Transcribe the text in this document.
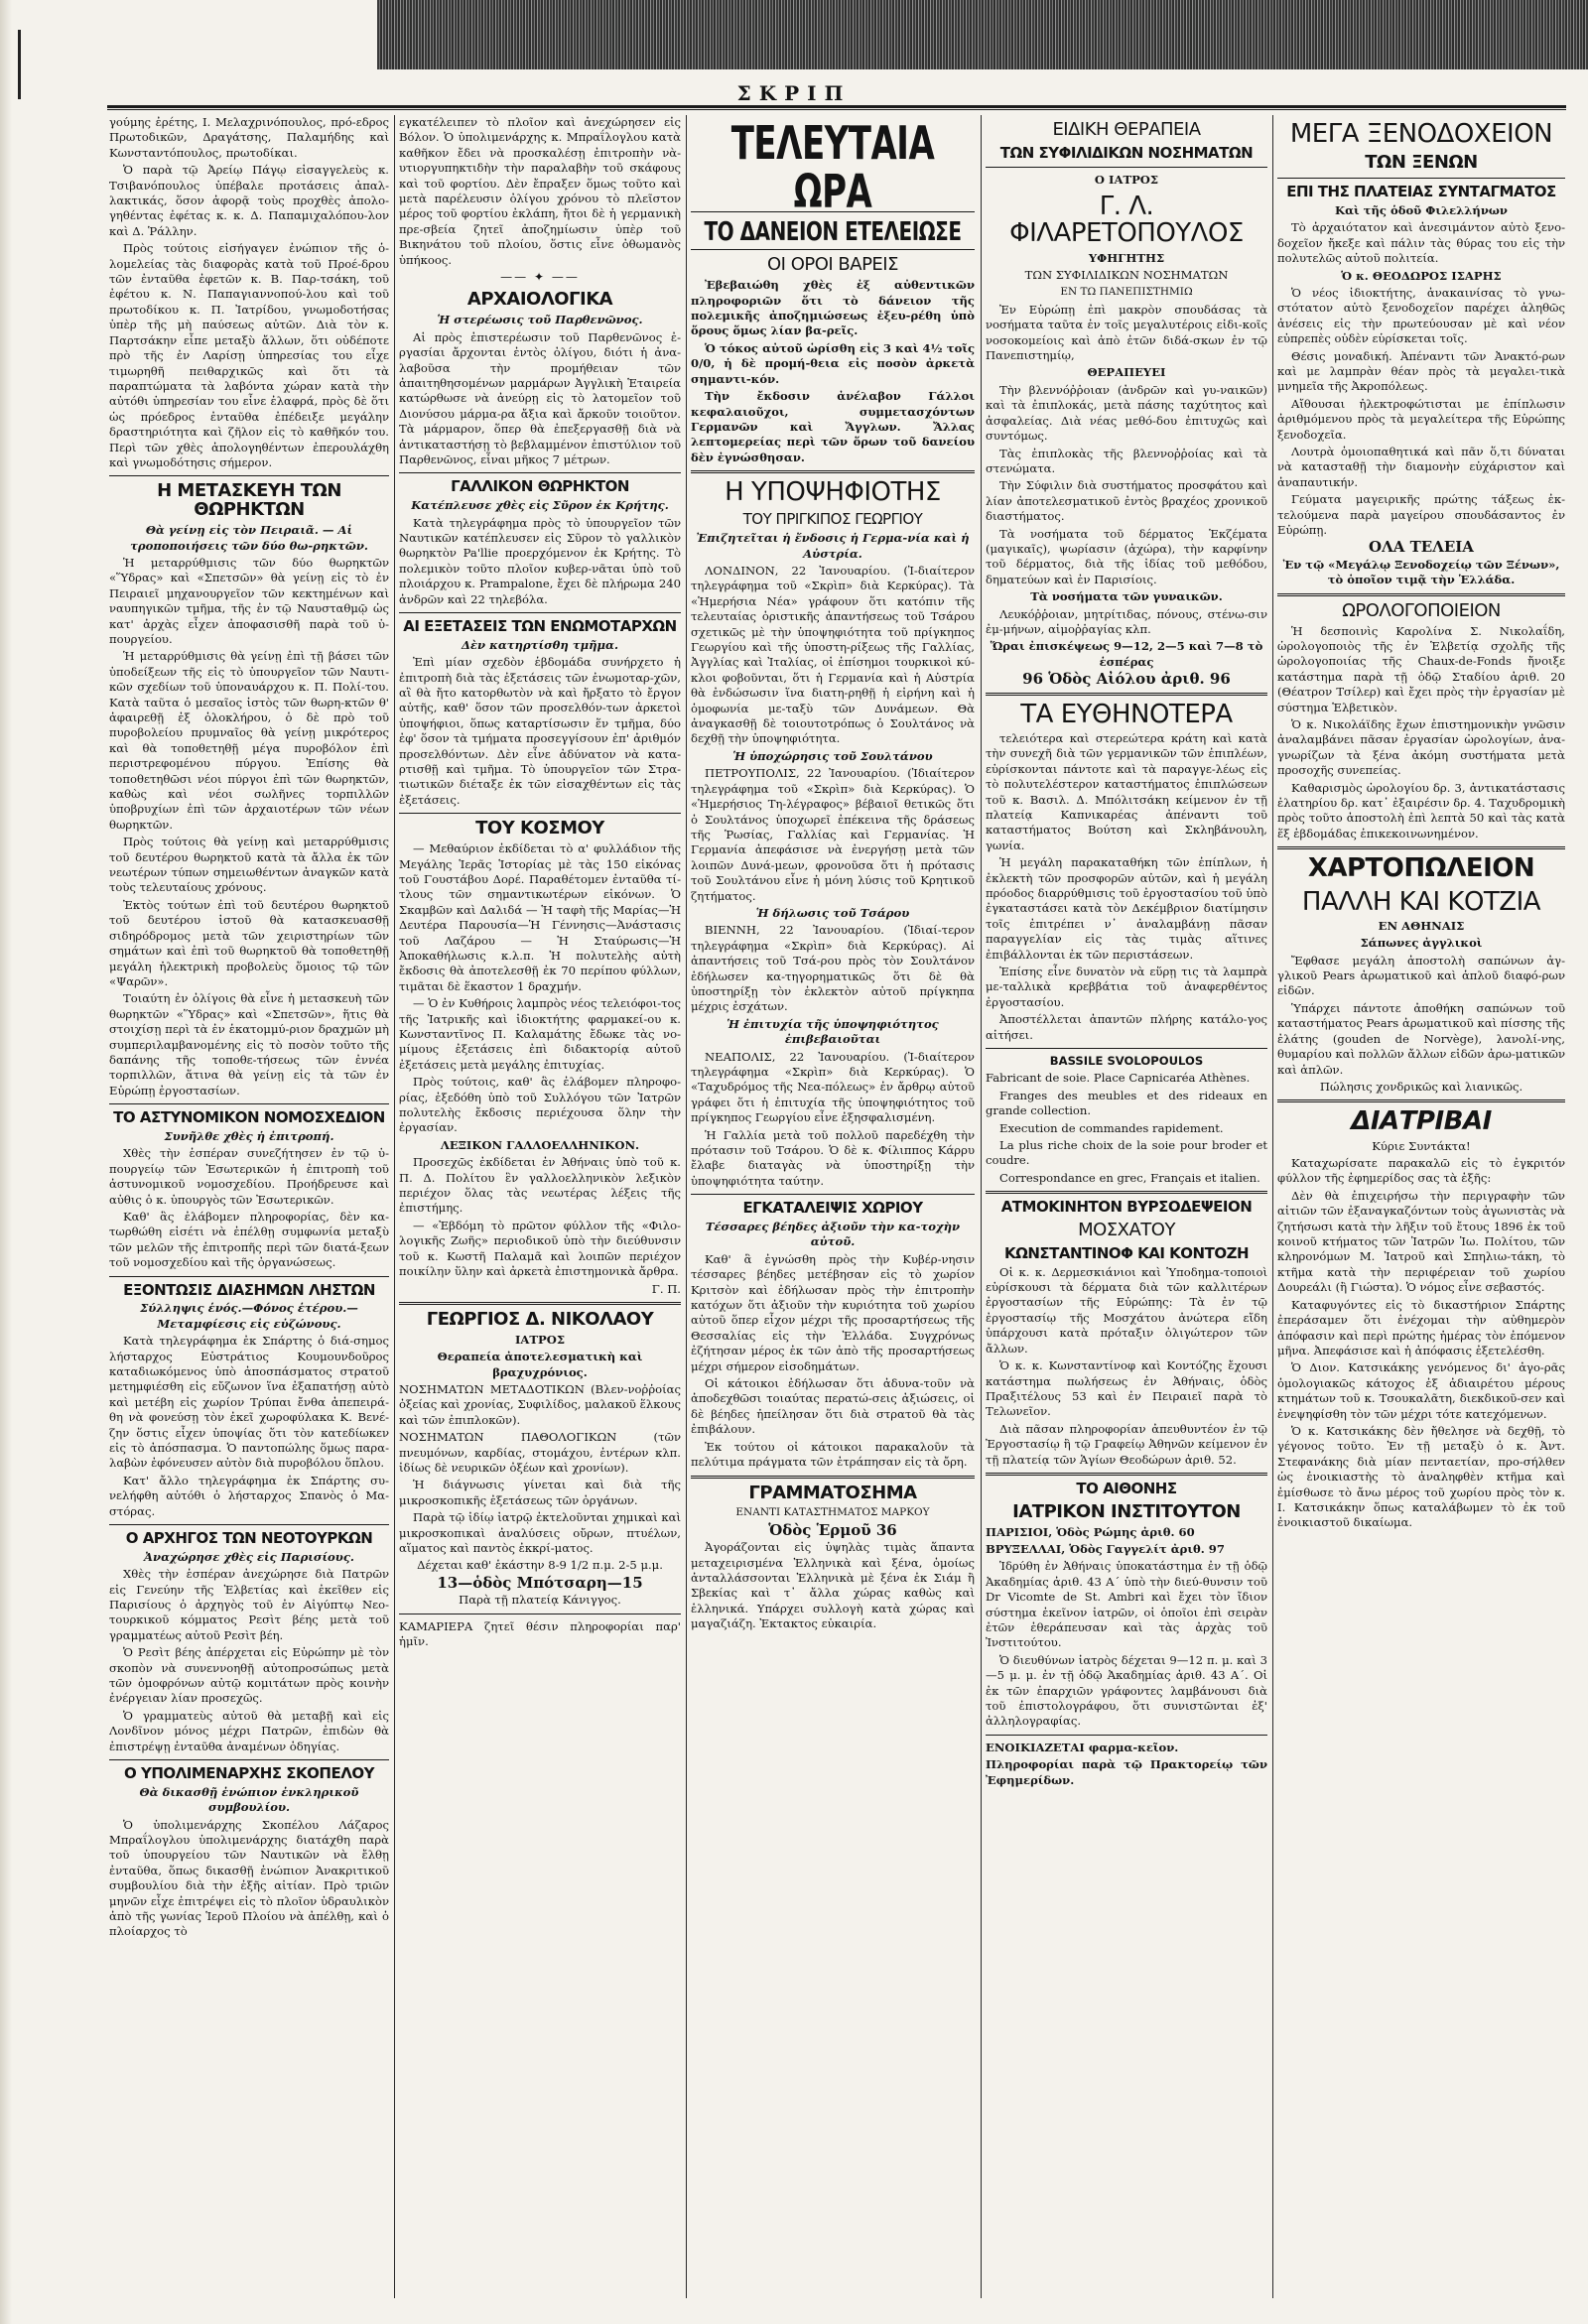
ΣΚΡΙΠ

γούμης ἐρέτης, Ι. Μελαχρινόπουλος, πρό-εδρος Πρωτοδικῶν, Δραγάτσης, Παλαμήδης καὶ Κωνσταντόπουλος, πρωτοδίκαι.

Ὁ παρὰ τῷ Ἀρείῳ Πάγῳ εἰσαγγελεὺς κ. Τσιβανόπουλος ὑπέβαλε προτάσεις ἀπαλ-λακτικάς, ὅσον ἀφορᾷ τοὺς προχθὲς ἀπολο-γηθέντας ἐφέτας κ. κ. Δ. Παπαμιχαλόπου-λον καὶ Δ. Ῥάλλην.

Πρὸς τούτοις εἰσήγαγεν ἐνώπιον τῆς ὁ-λομελείας τὰς διαφορὰς κατὰ τοῦ Προέ-δρου τῶν ἐνταῦθα ἐφετῶν κ. Β. Παρ-τσάκη, τοῦ ἐφέτου κ. Ν. Παπαγιαννοπού-λου καὶ τοῦ πρωτοδίκου κ. Π. Ἰατρίδου, γνωμοδοτήσας ὑπὲρ τῆς μὴ παύσεως αὐτῶν. Διὰ τὸν κ. Παρτσάκην εἶπε μεταξὺ ἄλλων, ὅτι οὐδέποτε πρὸ τῆς ἐν Λαρίσῃ ὑπηρεσίας του εἶχε τιμωρηθῆ πειθαρχικῶς καὶ ὅτι τὰ παραπτώματα τὰ λαβόντα χώραν κατὰ τὴν αὐτόθι ὑπηρεσίαν του εἶνε ἐλαφρά, πρὸς δὲ ὅτι ὡς πρόεδρος ἐνταῦθα ἐπέδειξε μεγάλην δραστηριότητα καὶ ζῆλον εἰς τὸ καθῆκόν του. Περὶ τῶν χθὲς ἀπολογηθέντων ἐπερουλάχθη καὶ γνωμοδότησις σήμερον.

Η ΜΕΤΑΣΚΕΥΗ ΤΩΝ ΘΩΡΗΚΤΩΝ

Θὰ γείνῃ εἰς τὸν Πειραιᾶ. — Αἱ τροποποιήσεις τῶν δύο θω-ρηκτῶν.

Ἡ μεταρρύθμισις τῶν δύο θωρηκτῶν «Ὕδρας» καὶ «Σπετσῶν» θὰ γείνῃ εἰς τὸ ἐν Πειραιεῖ μηχανουργεῖον τῶν κεκτημένων καὶ ναυπηγικῶν τμῆμα, τῆς ἐν τῷ Ναυσταθμῷ ὡς κατ' ἀρχὰς εἶχεν ἀποφασισθῆ παρὰ τοῦ ὑ-πουργείου.

Ἡ μεταρρύθμισις θὰ γείνῃ ἐπὶ τῇ βάσει τῶν ὑποδείξεων τῆς εἰς τὸ ὑπουργεῖον τῶν Ναυτι-κῶν σχεδίων τοῦ ὑποναυάρχου κ. Π. Πολί-του. Κατὰ ταῦτα ὁ μεσαῖος ἱστὸς τῶν θωρη-κτῶν θ' ἀφαιρεθῇ ἐξ ὁλοκλήρου, ὁ δὲ πρὸ τοῦ πυροβολείου πρυμναῖος θὰ γείνῃ μικρότερος καὶ θὰ τοποθετηθῇ μέγα πυροβόλον ἐπὶ περιστρεφομένου πύργου. Ἐπίσης θὰ τοποθετηθῶσι νέοι πύργοι ἐπὶ τῶν θωρηκτῶν, καθὼς καὶ νέοι σωλῆνες τορπιλλῶν ὑποβρυχίων ἐπὶ τῶν ἀρχαιοτέρων τῶν νέων θωρηκτῶν.

Πρὸς τούτοις θὰ γείνῃ καὶ μεταρρύθμισις τοῦ δευτέρου θωρηκτοῦ κατὰ τὰ ἄλλα ἐκ τῶν νεωτέρων τύπων σημειωθέντων ἀναγκῶν κατὰ τοὺς τελευταίους χρόνους.

Ἐκτὸς τούτων ἐπὶ τοῦ δευτέρου θωρηκτοῦ τοῦ δευτέρου ἱστοῦ θὰ κατασκευασθῇ σιδηρόδρομος μετὰ τῶν χειριστηρίων τῶν σημάτων καὶ ἐπὶ τοῦ θωρηκτοῦ θὰ τοποθετηθῇ μεγάλη ἠλεκτρικὴ προβολεὺς ὅμοιος τῷ τῶν «Ψαρῶν».

Τοιαύτη ἐν ὀλίγοις θὰ εἶνε ἡ μετασκευὴ τῶν θωρηκτῶν «Ὕδρας» καὶ «Σπετσῶν», ἥτις θὰ στοιχίσῃ περὶ τὰ ἐν ἑκατομμύ-ριον δραχμῶν μὴ συμπεριλαμβανομένης εἰς τὸ ποσὸν τοῦτο τῆς δαπάνης τῆς τοποθε-τήσεως τῶν ἐννέα τορπιλλῶν, ἅτινα θὰ γείνῃ εἰς τὰ τῶν ἐν Εὐρώπῃ ἐργοστασίων.

ΤΟ ΑΣΤΥΝΟΜΙΚΟΝ ΝΟΜΟΣΧΕΔΙΟΝ

Συνῆλθε χθὲς ἡ ἐπιτροπή.

Χθὲς τὴν ἑσπέραν συνεζήτησεν ἐν τῷ ὑ-πουργείῳ τῶν Ἐσωτερικῶν ἡ ἐπιτροπὴ τοῦ ἀστυνομικοῦ νομοσχεδίου. Προήδρευσε καὶ αὐθις ὁ κ. ὑπουργὸς τῶν Ἐσωτερικῶν.

Καθ' ἃς ἐλάβομεν πληροφορίας, δὲν κα-τωρθώθη εἰσέτι νὰ ἐπέλθῃ συμφωνία μεταξὺ τῶν μελῶν τῆς ἐπιτροπῆς περὶ τῶν διατά-ξεων τοῦ νομοσχεδίου καὶ τῆς ὀργανώσεως.

ΕΞΟΝΤΩΣΙΣ ΔΙΑΣΗΜΩΝ ΛΗΣΤΩΝ

Σύλληψις ἑνός.—Φόνος ἑτέρου.—Μεταμφίεσις εἰς εὐζώνους.

Κατὰ τηλεγράφημα ἐκ Σπάρτης ὁ διά-σημος λήσταρχος Εὐστράτιος Κουμουνδοῦρος καταδιωκόμενος ὑπὸ ἀποσπάσματος στρατοῦ μετημφιέσθη εἰς εὔζωνον ἵνα ἐξαπατήσῃ αὐτὸ καὶ μετέβη εἰς χωρίον Τρύπαι ἔνθα ἀπεπειρά-θη νὰ φονεύσῃ τὸν ἐκεῖ χωροφύλακα Κ. Βενέ-ζην ὅστις εἶχεν ὑποψίας ὅτι τὸν κατεδίωκεν εἰς τὸ ἀπόσπασμα. Ὁ παντοπώλης ὅμως παρα-λαβὼν ἐφόνευσεν αὐτὸν διὰ πυροβόλου ὅπλου.

Κατ' ἄλλο τηλεγράφημα ἐκ Σπάρτης συ-νελήφθη αὐτόθι ὁ λήσταρχος Σπανὸς ὁ Μα-στόρας.

Ο ΑΡΧΗΓΟΣ ΤΩΝ ΝΕΟΤΟΥΡΚΩΝ

Ἀναχώρησε χθὲς εἰς Παρισίους.

Χθὲς τὴν ἑσπέραν ἀνεχώρησε διὰ Πατρῶν εἰς Γενεύην τῆς Ἑλβετίας καὶ ἐκεῖθεν εἰς Παρισίους ὁ ἀρχηγὸς τοῦ ἐν Αἰγύπτῳ Νεο-τουρκικοῦ κόμματος Ρεσὶτ βέης μετὰ τοῦ γραμματέως αὐτοῦ Ρεσὶτ βέη.

Ὁ Ρεσὶτ βέης ἀπέρχεται εἰς Εὐρώπην μὲ τὸν σκοπὸν νὰ συνεννοηθῇ αὐτοπροσώπως μετὰ τῶν ὁμοφρόνων αὐτῷ κομιτάτων πρὸς κοινὴν ἐνέργειαν λίαν προσεχῶς.

Ὁ γραμματεὺς αὐτοῦ θὰ μεταβῇ καὶ εἰς Λονδῖνον μόνος μέχρι Πατρῶν, ἐπιδὼν θὰ ἐπιστρέψῃ ἐνταῦθα ἀναμένων ὁδηγίας.

Ο ΥΠΟΛΙΜΕΝΑΡΧΗΣ ΣΚΟΠΕΛΟΥ

Θὰ δικασθῇ ἐνώπιον ἐνκληρικοῦ συμβουλίου.

Ὁ ὑπολιμενάρχης Σκοπέλου Λάζαρος Μπραΐλογλου ὑπολιμενάρχης διατάχθη παρὰ τοῦ ὑπουργείου τῶν Ναυτικῶν νὰ ἔλθῃ ἐνταῦθα, ὅπως δικασθῇ ἐνώπιον Ἀνακριτικοῦ συμβουλίου διὰ τὴν ἐξῆς αἰτίαν. Πρὸ τριῶν μηνῶν εἶχε ἐπιτρέψει εἰς τὸ πλοῖον ὑδραυλικὸν ἀπὸ τῆς γωνίας Ἱεροῦ Πλοίου νὰ ἀπέλθῃ, καὶ ὁ πλοίαρχος τὸ

εγκατέλειπεν τὸ πλοῖον καὶ ἀνεχώρησεν εἰς Βόλον. Ὁ ὑπολιμενάρχης κ. Μπραΐλογλου κατὰ καθῆκον ἔδει νὰ προσκαλέσῃ ἐπιτροπὴν νὰ-υτιοργυπηκτιδὴν τὴν παραλαβὴν τοῦ σκάφους καὶ τοῦ φορτίου. Δὲν ἔπραξεν ὅμως τοῦτο καὶ μετὰ παρέλευσιν ὀλίγου χρόνου τὸ πλεῖστον μέρος τοῦ φορτίου ἐκλάπη, ἤτοι δὲ ἡ γερμανικὴ πρε-σβεία ζητεῖ ἀποζημίωσιν ὑπὲρ τοῦ Βικηνάτου τοῦ πλοίου, ὅστις εἶνε ὀθωμανὸς ὑπήκοος.

—— ✦ ——
ΑΡΧΑΙΟΛΟΓΙΚΑ

Ἡ στερέωσις τοῦ Παρθενῶνος.

Αἱ πρὸς ἐπιστερέωσιν τοῦ Παρθενῶνος ἐ-ργασίαι ἄρχονται ἐντὸς ὀλίγου, διότι ἡ ἀνα-λαβοῦσα τὴν προμήθειαν τῶν ἀπαιτηθησομένων μαρμάρων Ἀγγλικὴ Ἑταιρεία κατώρθωσε νὰ ἀνεύρῃ εἰς τὸ λατομεῖον τοῦ Διονύσου μάρμα-ρα ἄξια καὶ ἄρκοῦν τοιοῦτον. Τὰ μάρμαρον, ὅπερ θὰ ἐπεξεργασθῇ διὰ νὰ ἀντικαταστήσῃ τὸ βεβλαμμένον ἐπιστύλιον τοῦ Παρθενῶνος, εἶναι μῆκος 7 μέτρων.

ΓΑΛΛΙΚΟΝ ΘΩΡΗΚΤΟΝ

Κατέπλευσε χθὲς εἰς Σῦρον ἐκ Κρήτης.

Κατὰ τηλεγράφημα πρὸς τὸ ὑπουργεῖον τῶν Ναυτικῶν κατέπλευσεν εἰς Σῦρον τὸ γαλλικὸν θωρηκτὸν Pa'llie προερχόμενον ἐκ Κρήτης. Τὸ πολεμικὸν τοῦτο πλοῖον κυβερ-νᾶται ὑπὸ τοῦ πλοιάρχου κ. Prampalone, ἔχει δὲ πλήρωμα 240 ἀνδρῶν καὶ 22 τηλεβόλα.

ΑΙ ΕΞΕΤΑΣΕΙΣ ΤΩΝ ΕΝΩΜΟΤΑΡΧΩΝ

Δὲν κατηρτίσθη τμῆμα.

Ἐπὶ μίαν σχεδὸν ἑβδομάδα συνήρχετο ἡ ἐπιτροπὴ διὰ τὰς ἐξετάσεις τῶν ἐνωμοταρ-χῶν, αἳ θὰ ἤτο κατορθωτὸν νὰ καὶ ἤρξατο τὸ ἔργον αὐτῆς, καθ' ὅσον τῶν προσελθόν-των ἀρκετοὶ ὑποψήφιοι, ὅπως καταρτίσωσιν ἕν τμῆμα, δύο ἐφ' ὅσον τὰ τμήματα προσεγγίσουν ἐπ' ἀριθμόν προσελθόντων. Δὲν εἶνε ἀδύνατον νὰ κατα-ρτισθῇ καὶ τμῆμα. Τὸ ὑπουργεῖον τῶν Στρα-τιωτικῶν διέταξε ἐκ τῶν εἰσαχθέντων εἰς τὰς ἐξετάσεις.

ΤΟΥ ΚΟΣΜΟΥ

— Μεθαύριον ἐκδίδεται τὸ α' φυλλάδιον τῆς Μεγάλης Ἱερᾶς Ἱστορίας μὲ τὰς 150 εἰκόνας τοῦ Γουστάβου Δορέ. Παραθέτομεν ἐνταῦθα τί-τλους τῶν σημαντικωτέρων εἰκόνων. Ὁ Σκαμβῶν καὶ Δαλιδά — Ἡ ταφὴ τῆς Μαρίας—Ἡ Δευτέρα Παρουσία—Ἡ Γέννησις—Ἀνάστασις τοῦ Λαζάρου — Ἡ Σταύρωσις—Ἡ Ἀποκαθήλωσις κ.λ.π. Ἡ πολυτελὴς αὐτὴ ἔκδοσις θὰ ἀποτελεσθῇ ἐκ 70 περίπου φύλλων, τιμᾶται δὲ ἕκαστον 1 δραχμήν.

— Ὁ ἐν Κυθήροις λαμπρὸς νέος τελειόφοι-τος τῆς Ἰατρικῆς καὶ ἰδιοκτήτης φαρμακεί-ου κ. Κωνσταντῖνος Π. Καλαμάτης ἔδωκε τὰς νο-μίμους ἐξετάσεις ἐπὶ διδακτορίᾳ αὐτοῦ ἐξετάσεις μετὰ μεγάλης ἐπιτυχίας.

Πρὸς τούτοις, καθ' ἃς ἐλάβομεν πληροφο-ρίας, ἐξεδόθη ὑπὸ τοῦ Συλλόγου τῶν Ἰατρῶν πολυτελὴς ἔκδοσις περιέχουσα ὅλην τὴν ἐργασίαν.

ΛΕΞΙΚΟΝ ΓΑΛΛΟΕΛΛΗΝΙΚΟΝ.

Προσεχῶς ἐκδίδεται ἐν Ἀθήναις ὑπὸ τοῦ κ. Π. Δ. Πολίτου ἓν γαλλοελληνικὸν λεξικὸν περιέχον ὅλας τὰς νεωτέρας λέξεις τῆς ἐπιστήμης.

— «Ἐβδόμη τὸ πρῶτον φύλλον τῆς «Φιλο-λογικῆς Ζωῆς» περιοδικοῦ ὑπὸ τὴν διεύθυνσιν τοῦ κ. Κωστῆ Παλαμᾶ καὶ λοιπῶν περιέχον ποικίλην ὕλην καὶ ἀρκετὰ ἐπιστημονικὰ ἄρθρα.

Γ. Π.

ΓΕΩΡΓΙΟΣ Δ. ΝΙΚΟΛΑΟΥ

ΙΑΤΡΟΣ

Θεραπεία ἀποτελεσματικὴ καὶ βραχυχρόνιος.

ΝΟΣΗΜΑΤΩΝ ΜΕΤΑΔΟΤΙΚΩΝ (Βλεν-νοῤῥοίας ὀξείας καὶ χρονίας, Συφιλίδος, μαλακοῦ ἕλκους καὶ τῶν ἐπιπλοκῶν).

ΝΟΣΗΜΑΤΩΝ ΠΑΘΟΛΟΓΙΚΩΝ (τῶν πνευμόνων, καρδίας, στομάχου, ἐντέρων κλπ. ἰδίως δὲ νευρικῶν ὀξέων καὶ χρονίων).

Ἡ διάγνωσις γίνεται καὶ διὰ τῆς μικροσκοπικῆς ἐξετάσεως τῶν ὀργάνων.

Παρὰ τῷ ἰδίῳ ἰατρῷ ἐκτελοῦνται χημικαὶ καὶ μικροσκοπικαὶ ἀναλύσεις οὔρων, πτυέλων, αἵματος καὶ παντὸς ἐκκρί-ματος.

Δέχεται καθ' ἑκάστην 8-9 1/2 π.μ. 2-5 μ.μ.

13—ὁδὸς Μπότσαρη—15

Παρὰ τῇ πλατείᾳ Κάνιγγος.

ΚΑΜΑΡΙΕΡΑ ζητεῖ θέσιν πληροφορίαι παρ' ἡμῖν.

ΤΕΛΕΥΤΑΙΑ ΩΡΑ
ΤΟ ΔΑΝΕΙΟΝ ΕΤΕΛΕΙΩΣΕ
ΟΙ ΟΡΟΙ ΒΑΡΕΙΣ

Ἐβεβαιώθη χθὲς ἐξ αὐθεντικῶν πληροφοριῶν ὅτι τὸ δάνειον τῆς πολεμικῆς ἀποζημιώσεως ἐξευ-ρέθη ὑπὸ ὅρους ὅμως λίαν βα-ρεῖς.

Ὁ τόκος αὐτοῦ ὡρίσθη εἰς 3 καὶ 4½ τοῖς 0/0, ἡ δὲ προμή-θεια εἰς ποσὸν ἀρκετὰ σημαντι-κόν.

Τὴν ἔκδοσιν ἀνέλαβον Γάλλοι κεφαλαιοῦχοι, συμμετασχόντων Γερμανῶν καὶ Ἄγγλων. Ἄλλας λεπτομερείας περὶ τῶν ὅρων τοῦ δανείου δὲν ἐγνώσθησαν.

Η ΥΠΟΨΗΦΙΟΤΗΣ
ΤΟΥ ΠΡΙΓΚΙΠΟΣ ΓΕΩΡΓΙΟΥ

Ἐπιζητεῖται ἡ ἔνδοσις ἡ Γερμα-νία καὶ ἡ Αὐστρία.

ΛΟΝΔΙΝΟΝ, 22 Ἰανουαρίου. (Ἰ-διαίτερον τηλεγράφημα τοῦ «Σκρὶπ» διὰ Κερκύρας). Τὰ «Ἡμερήσια Νέα» γράφουν ὅτι κατόπιν τῆς τελευταίας ὁριστικῆς ἀπαντήσεως τοῦ Τσάρου σχετικῶς μὲ τὴν ὑποψηφιότητα τοῦ πρίγκηπος Γεωργίου καὶ τῆς ὑποστη-ρίξεως τῆς Γαλλίας, Ἀγγλίας καὶ Ἰταλίας, οἱ ἐπίσημοι τουρκικοὶ κύ-κλοι φοβοῦνται, ὅτι ἡ Γερμανία καὶ ἡ Αὐστρία θὰ ἐνδώσωσιν ἵνα διατη-ρηθῇ ἡ εἰρήνη καὶ ἡ ὁμοφωνία με-ταξὺ τῶν Δυνάμεων. Θὰ ἀναγκασθῇ δὲ τοιουτοτρόπως ὁ Σουλτάνος νὰ δεχθῇ τὴν ὑποψηφιότητα.

Ἡ ὑποχώρησις τοῦ Σουλτάνου

ΠΕΤΡΟΥΠΟΛΙΣ, 22 Ἰανουαρίου. (Ἰδιαίτερον τηλεγράφημα τοῦ «Σκρὶπ» διὰ Κερκύρας). Ὁ «Ἡμερήσιος Τη-λέγραφος» βέβαιοῖ θετικῶς ὅτι ὁ Σουλτάνος ὑποχωρεῖ ἐπέκεινα τῆς δράσεως τῆς Ῥωσίας, Γαλλίας καὶ Γερμανίας. Ἡ Γερμανία ἀπεφάσισε νὰ ἐνεργήσῃ μετὰ τῶν λοιπῶν Δυνά-μεων, φρονοῦσα ὅτι ἡ πρότασις τοῦ Σουλτάνου εἶνε ἡ μόνη λύσις τοῦ Κρητικοῦ ζητήματος.

Ἡ δήλωσις τοῦ Τσάρου

ΒΙΕΝΝΗ, 22 Ἰανουαρίου. (Ἰδιαί-τερον τηλεγράφημα «Σκρὶπ» διὰ Κερκύρας). Αἱ ἀπαντήσεις τοῦ Τσά-ρου πρὸς τὸν Σουλτάνον ἐδήλωσεν κα-τηγορηματικῶς ὅτι δὲ θὰ ὑποστηρίξῃ τὸν ἐκλεκτὸν αὐτοῦ πρίγκηπα μέχρις ἐσχάτων.

Ἡ ἐπιτυχία τῆς ὑποψηφιότητος ἐπιβεβαιοῦται

ΝΕΑΠΟΛΙΣ, 22 Ἰανουαρίου. (Ἰ-διαίτερον τηλεγράφημα «Σκρὶπ» διὰ Κερκύρας). Ὁ «Ταχυδρόμος τῆς Νεα-πόλεως» ἐν ἄρθρῳ αὐτοῦ γράφει ὅτι ἡ ἐπιτυχία τῆς ὑποψηφιότητος τοῦ πρίγκηπος Γεωργίου εἶνε ἐξησφαλισμένη.

Ἡ Γαλλία μετὰ τοῦ πολλοῦ παρεδέχθη τὴν πρότασιν τοῦ Τσάρου. Ὁ δὲ κ. Φίλιππος Κάρρυ ἔλαβε διαταγὰς νὰ ὑποστηρίξῃ τὴν ὑποψηφιότητα ταύτην.

ΕΓΚΑΤΑΛΕΙΨΙΣ ΧΩΡΙΟΥ

Τέσσαρες βέηδες ἀξιοῦν τὴν κα-τοχὴν αὐτοῦ.

Καθ' ἃ ἐγνώσθη πρὸς τὴν Κυβέρ-νησιν τέσσαρες βέηδες μετέβησαν εἰς τὸ χωρίον Κριτσὸν καὶ ἐδήλωσαν πρὸς τὴν ἐπιτροπὴν κατόχων ὅτι ἀξιοῦν τὴν κυριότητα τοῦ χωρίου αὐτοῦ ὅπερ εἶχον μέχρι τῆς προσαρτήσεως τῆς Θεσσαλίας εἰς τὴν Ἑλλάδα. Συγχρόνως ἐζήτησαν μέρος ἐκ τῶν ἀπὸ τῆς προσαρτήσεως μέχρι σήμερον εἰσοδημάτων.

Οἱ κάτοικοι ἐδήλωσαν ὅτι ἀδυνα-τοῦν νὰ ἀποδεχθῶσι τοιαύτας περατώ-σεις ἀξιώσεις, οἱ δὲ βέηδες ἠπείλησαν ὅτι διὰ στρατοῦ θὰ τὰς ἐπιβάλουν.

Ἐκ τούτου οἱ κάτοικοι παρακαλοῦν τὰ πελύτιμα πράγματα τῶν ἐτράπησαν εἰς τὰ ὄρη.

ΓΡΑΜΜΑΤΟΣΗΜΑ

ΕΝΑΝΤΙ ΚΑΤΑΣΤΗΜΑΤΟΣ ΜΑΡΚΟΥ

Ὁδὸς Ἑρμοῦ 36

Ἀγοράζονται εἰς ὑψηλὰς τιμὰς ἅπαντα μεταχειρισμένα Ἑλληνικὰ καὶ ξένα, ὁμοίως ἀνταλλάσσονται Ἑλληνικὰ μὲ ξένα ἐκ Σιάμ ἢ Σβεκίας καὶ τ᾽ ἄλλα χώρας καθὼς καὶ ἑλληνικά. Υπάρχει συλλογὴ κατὰ χώρας καὶ μαγαζιάζη. Ἐκτακτος εὐκαιρία.

ΕΙΔΙΚΗ ΘΕΡΑΠΕΙΑ
ΤΩΝ ΣΥΦΙΛΙΔΙΚΩΝ ΝΟΣΗΜΑΤΩΝ

Ο ΙΑΤΡΟΣ

Γ. Λ. ΦΙΛΑΡΕΤΟΠΟΥΛΟΣ

ΥΦΗΓΗΤΗΣ

ΤΩΝ ΣΥΦΙΛΙΔΙΚΩΝ ΝΟΣΗΜΑΤΩΝ

ΕΝ ΤΩ ΠΑΝΕΠΙΣΤΗΜΙΩ

Ἐν Εὐρώπῃ ἐπὶ μακρὸν σπουδάσας τὰ νοσήματα ταῦτα ἐν τοῖς μεγαλυτέροις εἰδι-κοῖς νοσοκομείοις καὶ ἀπὸ ἐτῶν διδά-σκων ἐν τῷ Πανεπιστημίῳ,

ΘΕΡΑΠΕΥΕΙ

Τὴν βλεννόῤῥοιαν (ἀνδρῶν καὶ γυ-ναικῶν) καὶ τὰ ἐπιπλοκάς, μετὰ πάσης ταχύτητος καὶ ἀσφαλείας. Διὰ νέας μεθό-δου ἐπιτυχῶς καὶ συντόμως.

Τὰς ἐπιπλοκὰς τῆς βλεννοῤῥοίας καὶ τὰ στενώματα.

Τὴν Σύφιλιν διὰ συστήματος προσφάτου καὶ λίαν ἀποτελεσματικοῦ ἐντὸς βραχέος χρονικοῦ διαστήματος.

Τὰ νοσήματα τοῦ δέρματος Ἑκζέματα (μαγικαῖς), ψωρίασιν (ἀχώρα), τὴν καρφίνην τοῦ δέρματος, διὰ τῆς ἰδίας τοῦ μεθόδου, δηματεύων καὶ ἐν Παρισίοις.

Τὰ νοσήματα τῶν γυναικῶν.

Λευκόῤῥοιαν, μητρίτιδας, πόνους, στένω-σιν ἐμ-μήνων, αἱμοῤῥαγίας κλπ.

Ὥραι ἐπισκέψεως 9—12, 2—5 καὶ 7—8 τὸ ἑσπέρας

96 Ὁδὸς Αἰόλου ἀριθ. 96

ΤΑ ΕΥΘΗΝΟΤΕΡΑ

τελειότερα καὶ στερεώτερα κράτη καὶ κατὰ τὴν συνεχῆ διὰ τῶν γερμανικῶν τῶν ἐπιπλέων, εὑρίσκονται πάντοτε καὶ τὰ παραγγε-λέως εἰς τὸ πολυτελέστερον καταστήματος ἐπιπλώσεων τοῦ κ. Βασιλ. Δ. Μπόλιτσάκη κείμενον ἐν τῇ πλατείᾳ Καπνικαρέας ἀπέναντι τοῦ καταστήματος Βούτση καὶ Σκληβάνουλη, γωνία.

Ἡ μεγάλη παρακαταθήκη τῶν ἐπίπλων, ἡ ἐκλεκτὴ τῶν προσφορῶν αὐτῶν, καὶ ἡ μεγάλη πρόοδος διαρρύθμισις τοῦ ἐργοστασίου τοῦ ὑπὸ ἐγκαταστάσει κατὰ τὸν Δεκέμβριον διατίμησιν τοῖς ἐπιτρέπει ν᾽ ἀναλαμβάνῃ πᾶσαν παραγγελίαν εἰς τὰς τιμὰς αἵτινες ἐπιβάλλονται ἐκ τῶν περιστάσεων.

Ἐπίσης εἶνε δυνατὸν νὰ εὕρῃ τις τὰ λαμπρὰ με-ταλλικὰ κρεββάτια τοῦ ἀναφερθέντος ἐργοστασίου.

Ἀποστέλλεται ἀπαντῶν πλήρης κατάλο-γος αἰτήσει.

BASSILE SVOLOPOULOS

Fabricant de soie. Place Capnicaréa Athènes.

Franges des meubles et des rideaux en grande collection.

Execution de commandes rapidement.

La plus riche choix de la soie pour broder et coudre.

Correspondance en grec, Français et italien.

ΑΤΜΟΚΙΝΗΤΟΝ ΒΥΡΣΟΔΕΨΕΙΟΝ
ΜΟΣΧΑΤΟΥ
ΚΩΝΣΤΑΝΤΙΝΟΦ ΚΑΙ ΚΟΝΤΟΖΗ

Οἱ κ. κ. Δερμεσκιάνιοι καὶ Ὑποδημα-τοποιοὶ εὑρίσκουσι τὰ δέρματα διὰ τῶν καλλιτέρων ἐργοστασίων τῆς Εὐρώπης: Τὰ ἐν τῷ ἐργοστασίῳ τῆς Μοσχάτου ἀνώτερα εἴδη ὑπάρχουσι κατὰ πρόταξιν ὀλιγώτερον τῶν ἄλλων.

Ὁ κ. κ. Κωνσταντίνοφ καὶ Κοντόζης ἔχουσι κατάστημα πωλήσεως ἐν Ἀθήναις, ὁδὸς Πραξιτέλους 53 καὶ ἐν Πειραιεῖ παρὰ τὸ Τελωνεῖον.

Διὰ πᾶσαν πληροφορίαν ἀπευθυντέον ἐν τῷ Ἐργοστασίῳ ἢ τῷ Γραφείῳ Ἀθηνῶν κείμενον ἐν τῇ πλατείᾳ τῶν Ἁγίων Θεοδώρων ἀριθ. 52.

ΤΟ ΑΙΘΟΝΗΣ
ΙΑΤΡΙΚΟΝ ΙΝΣΤΙΤΟΥΤΟΝ

ΠΑΡΙΣΙΟΙ, Ὁδὸς Ρώμης ἀριθ. 60

ΒΡΥΞΕΛΛΑΙ, Ὁδὸς Γαγγελίτ ἀριθ. 97

Ἱδρύθη ἐν Ἀθήναις ὑποκατάστημα ἐν τῇ ὁδῷ Ἀκαδημίας ἀριθ. 43 Α΄ ὑπὸ τὴν διεύ-θυνσιν τοῦ Dr Vicomte de St. Ambri καὶ ἔχει τὸν ἴδιον σύστημα ἐκεῖνον ἰατρῶν, οἱ ὁποῖοι ἐπὶ σειρὰν ἐτῶν ἐθεράπευσαν καὶ τὰς ἀρχὰς τοῦ Ἰνστιτούτου.

Ὁ διευθύνων ἰατρὸς δέχεται 9—12 π. μ. καὶ 3—5 μ. μ. ἐν τῇ ὁδῷ Ἀκαδημίας ἀριθ. 43 Α΄. Οἱ ἐκ τῶν ἐπαρχιῶν γράφοντες λαμβάνουσι διὰ τοῦ ἐπιστολογράφου, ὅτι συνιστῶνται ἐξ' ἀλληλογραφίας.

ΕΝΟΙΚΙΑΖΕΤΑΙ φαρμα-κεῖον.

Πληροφορίαι παρὰ τῷ Πρακτορείῳ τῶν Ἐφημερίδων.

ΜΕΓΑ ΞΕΝΟΔΟΧΕΙΟΝ
ΤΩΝ ΞΕΝΩΝ
ΕΠΙ ΤΗΣ ΠΛΑΤΕΙΑΣ ΣΥΝΤΑΓΜΑΤΟΣ

Καὶ τῆς ὁδοῦ Φιλελλήνων

Τὸ ἀρχαιότατον καὶ ἀνεσιμάντον αὐτὸ ξενο-δοχεῖον ἤκεξε καὶ πάλιν τὰς θύρας του εἰς τὴν πολυτελῶς αὐτοῦ πολιτεία.

Ὁ κ. ΘΕΟΔΩΡΟΣ ΙΣΑΡΗΣ

Ὁ νέος ἰδιοκτήτης, ἀνακαινίσας τὸ γνω-στότατον αὐτὸ ξενοδοχεῖον παρέχει ἀληθῶς ἀνέσεις εἰς τὴν πρωτεύουσαν μὲ καὶ νέον εὐπρεπὲς οὐδὲν εὑρίσκεται τοῖς.

Θέσις μοναδική. Ἀπέναντι τῶν Ἀνακτό-ρων καὶ με λαμπρὰν θέαν πρὸς τὰ μεγαλει-τικὰ μνημεῖα τῆς Ἀκροπόλεως.

Αἴθουσαι ἠλεκτροφώτισται με ἐπίπλωσιν ἀριθμόμενου πρὸς τὰ μεγαλείτερα τῆς Εὐρώπης ξενοδοχεῖα.

Λουτρὰ ὁμοιοπαθητικά καὶ πᾶν ὅ,τι δύναται νὰ κατασταθῇ τὴν διαμονὴν εὐχάριστον καὶ ἀναπαυτικήν.

Γεύματα μαγειρικῆς πρώτης τάξεως ἐκ-τελούμενα παρὰ μαγείρου σπουδάσαντος ἐν Εὐρώπῃ.

ΟΛΑ ΤΕΛΕΙΑ

Ἐν τῷ «Μεγάλῳ Ξενοδοχείῳ τῶν Ξένων», τὸ ὁποῖον τιμᾷ τὴν Ἑλλάδα.

ΩΡΟΛΟΓΟΠΟΙΕΙΟΝ

Ἡ δεσποινὶς Καρολίνα Σ. Νικολαΐδη, ὡρολογοποιὸς τῆς ἐν Ἑλβετίᾳ σχολῆς τῆς ὡρολογοποιίας τῆς Chaux-de-Fonds ἤνοιξε κατάστημα παρὰ τῇ ὁδῷ Σταδίου ἀριθ. 20 (Θέατρον Τσίλερ) καὶ ἔχει πρὸς τὴν ἐργασίαν μὲ σύστημα Ἑλβετικὸν.

Ὁ κ. Νικολάϊδης ἔχων ἐπιστημονικὴν γνῶσιν ἀναλαμβάνει πᾶσαν ἐργασίαν ὡρολογίων, ἀνα-γνωρίζων τὰ ξένα ἀκόμη συστήματα μετὰ προσοχῆς συνεπείας.

Καθαρισμὸς ὡρολογίου δρ. 3, ἀντικατάστασις ἐλατηρίου δρ. κατ᾽ ἐξαιρέσιν δρ. 4. Ταχυδρομικὴ πρὸς τοῦτο ἀποστολὴ ἐπὶ λεπτὰ 50 καὶ τὰς κατὰ ἕξ ἑβδομάδας ἐπικεκοινωνημένον.

ΧΑΡΤΟΠΩΛΕΙΟΝ
ΠΑΛΛΗ ΚΑΙ ΚΟΤΖΙΑ

ΕΝ ΑΘΗΝΑΙΣ

Σάπωνες ἀγγλικοὶ

Ἔφθασε μεγάλη ἀποστολὴ σαπώνων ἀγ-γλικοῦ Pears ἀρωματικοῦ καὶ ἁπλοῦ διαφό-ρων εἰδῶν.

Ὑπάρχει πάντοτε ἀποθήκη σαπώνων τοῦ καταστήματος Pears ἀρωματικοῦ καὶ πίσσης τῆς ἐλάτης (gouden de Norvège), λανολί-νης, θυμαρίου καὶ πολλῶν ἄλλων εἰδῶν ἀρω-ματικῶν καὶ ἁπλῶν.

Πώλησις χονδρικῶς καὶ λιανικῶς.

ΔΙΑΤΡΙΒΑΙ

Κύριε Συντάκτα!

Καταχωρίσατε παρακαλῶ εἰς τὸ ἐγκριτόν φύλλον τῆς ἐφημερίδος σας τὰ ἑξῆς:

Δὲν θὰ ἐπιχειρήσω τὴν περιγραφὴν τῶν αἰτιῶν τῶν ἐξαναγκαζόντων τοὺς ἀγωνιστὰς νὰ ζητήσωσι κατὰ τὴν λῆξιν τοῦ ἔτους 1896 ἐκ τοῦ κοινοῦ κτήματος τῶν Ἰατρῶν Ἰω. Πολίτου, τῶν κληρονόμων Μ. Ἰατροῦ καὶ Σπηλιω-τάκη, τὸ κτῆμα κατὰ τὴν περιφέρειαν τοῦ χωρίου Δουρεάλι (ἢ Γιώστα). Ὁ νόμος εἶνε σεβαστός.

Καταφυγόντες εἰς τὸ δικαστήριον Σπάρτης ἐπεράσαμεν ὅτι ἐνέχομαι τὴν αὐθημερὸν ἀπόφασιν καὶ περὶ πρώτης ἡμέρας τὸν ἐπόμενον μῆνα. Ἀπεφάσισε καὶ ἡ ἀπόφασις ἐξετελέσθη.

Ὁ Διον. Κατσικάκης γενόμενος δι' ἀγο-ρᾶς ὁμολογιακῶς κάτοχος ἐξ ἀδιαιρέτου μέρους κτημάτων τοῦ κ. Τσουκαλᾶτη, διεκδικοῦ-σεν καὶ ἐνεψηφίσθη τὸν τῶν μέχρι τότε κατεχόμενων.

Ὁ κ. Κατσικάκης δὲν ἤθελησε νὰ δεχθῇ, τὸ γέγονος τοῦτο. Ἐν τῇ μεταξὺ ὁ κ. Ἀντ. Στεφανάκης διὰ μίαν πενταετίαν, προ-σήλθεν ὡς ἐνοικιαστὴς τὸ ἀναληφθὲν κτῆμα καὶ ἐμίσθωσε τὸ ἄνω μέρος τοῦ χωρίου πρὸς τὸν κ. Ι. Κατσικάκην ὅπως καταλάβωμεν τὸ ἐκ τοῦ ἐνοικιαστοῦ δικαίωμα.
